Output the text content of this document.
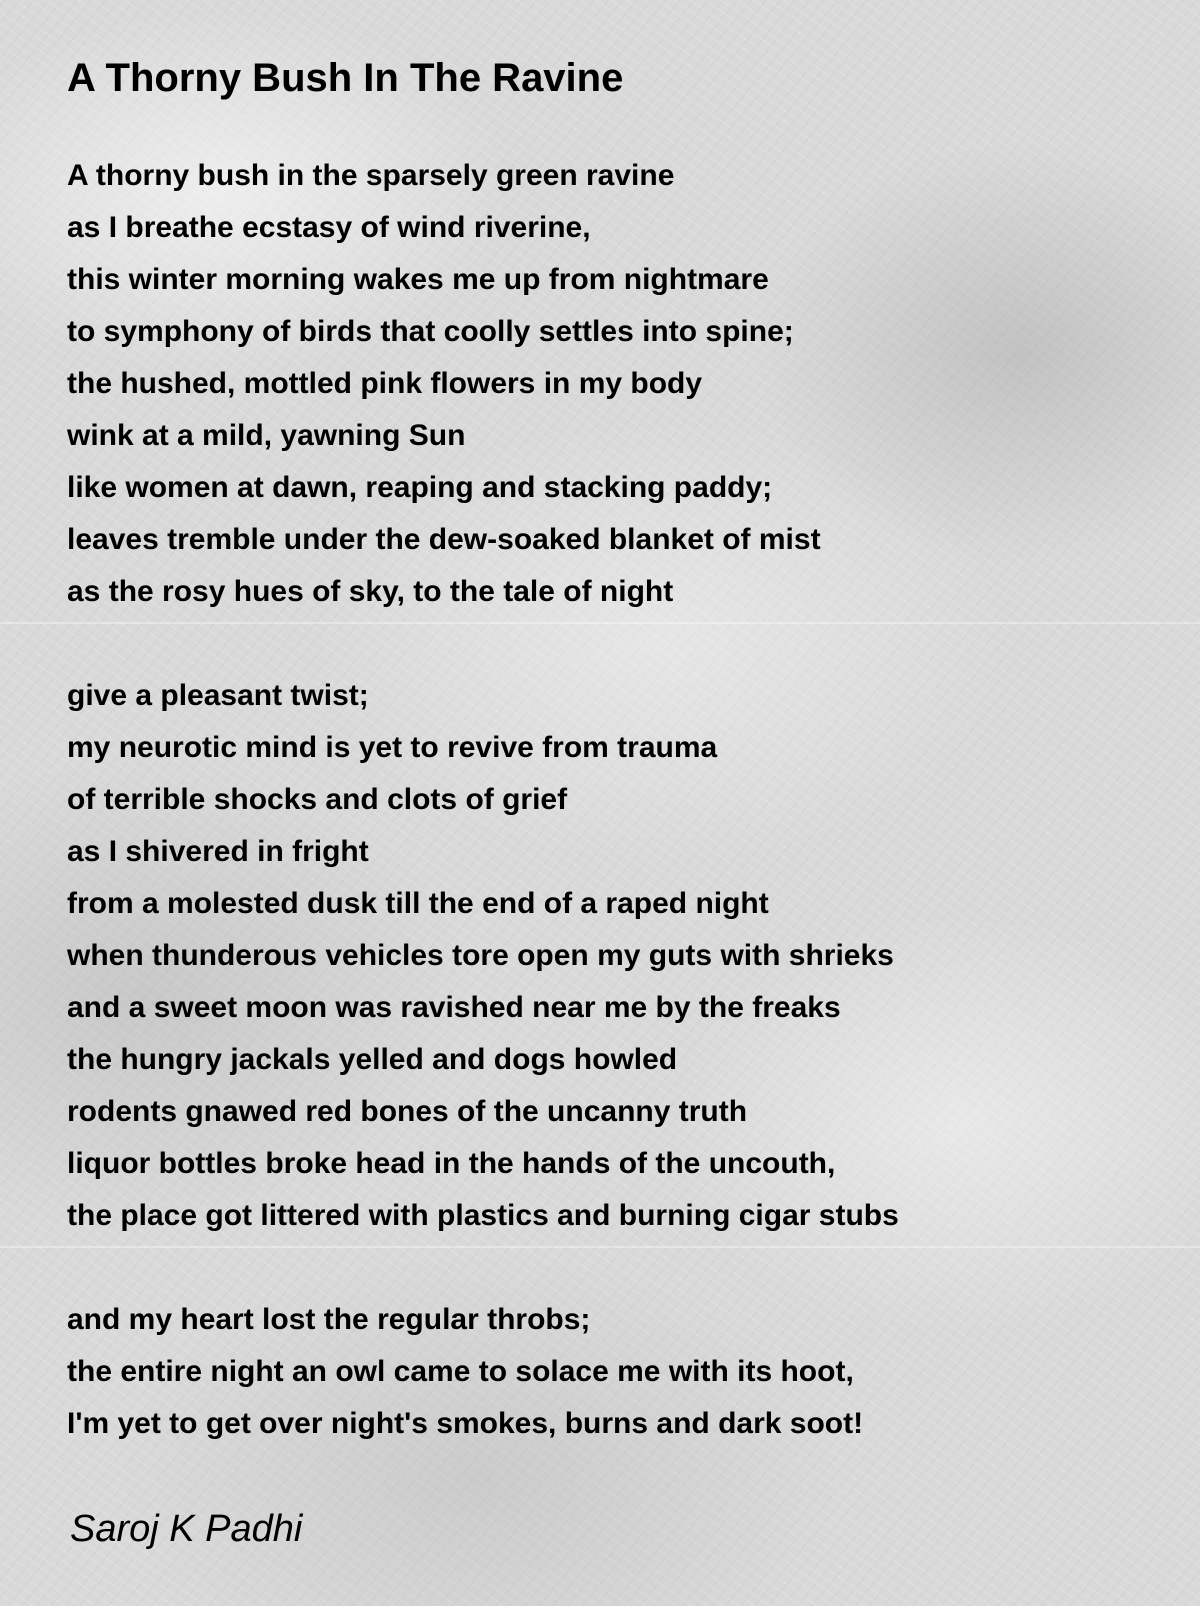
A Thorny Bush In The Ravine
A thorny bush in the sparsely green ravine
as I breathe ecstasy of wind riverine,
this winter morning wakes me up from nightmare
to symphony of birds that coolly settles into spine;
the hushed, mottled pink flowers in my body
wink at a mild, yawning Sun
like women at dawn, reaping and stacking paddy;
leaves tremble under the dew-soaked blanket of mist
as the rosy hues of sky, to the tale of night
give a pleasant twist;
my neurotic mind is yet to revive from trauma
of terrible shocks and clots of grief
as I shivered in fright
from a molested dusk till the end of a raped night
when thunderous vehicles tore open my guts with shrieks
and a sweet moon was ravished near me by the freaks
the hungry jackals yelled and dogs howled
rodents gnawed red bones of the uncanny truth
liquor bottles broke head in the hands of the uncouth,
the place got littered with plastics and burning cigar stubs
and my heart lost the regular throbs;
the entire night an owl came to solace me with its hoot,
I'm yet to get over night's smokes, burns and dark soot!
Saroj K Padhi
